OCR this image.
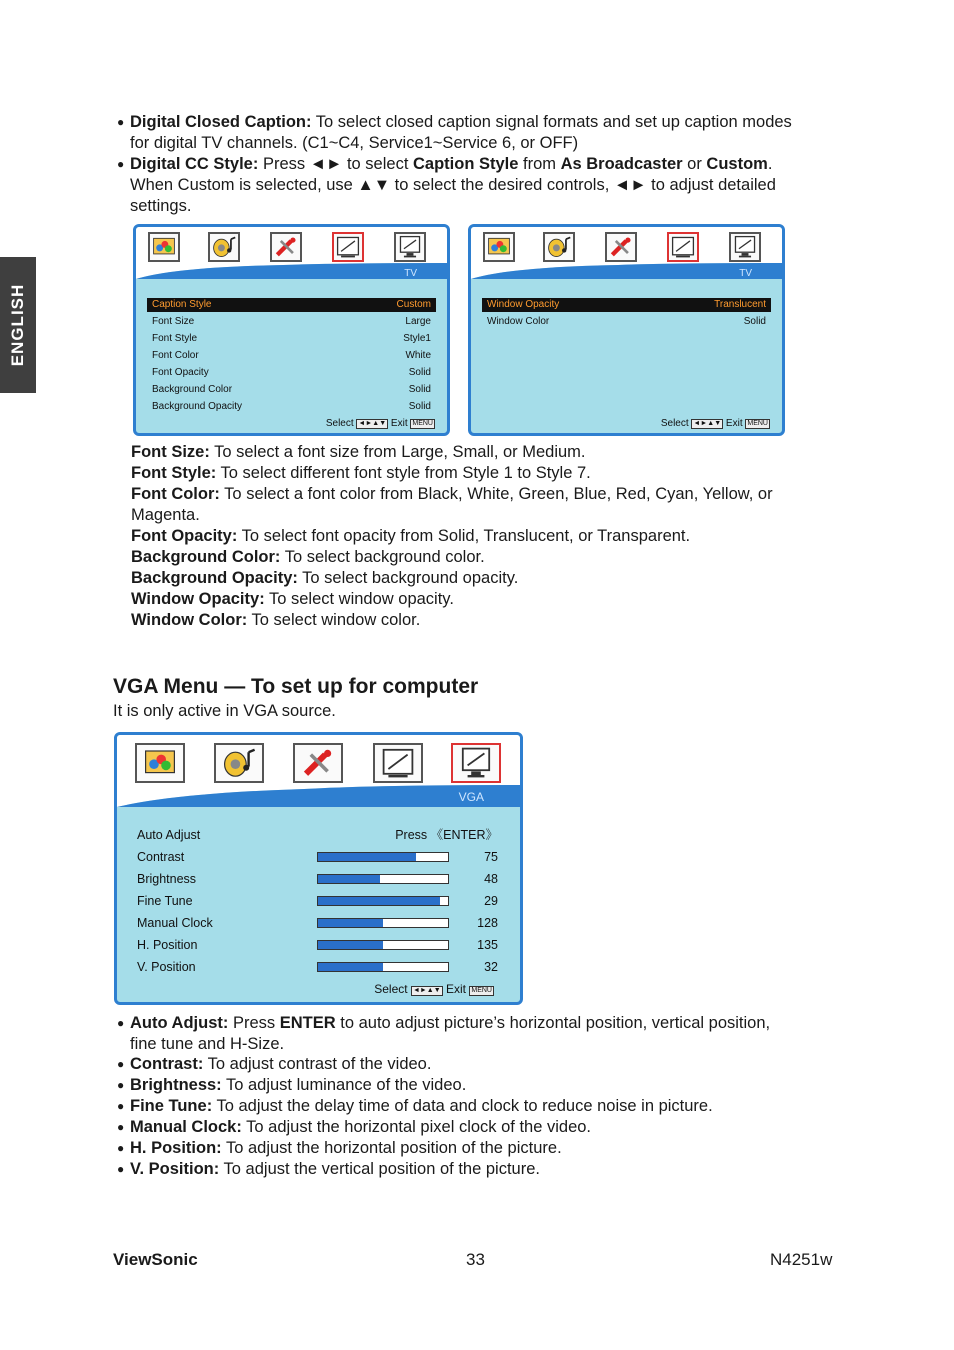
ENGLISH
● Digital Closed Caption: To select closed caption signal formats and set up caption modes
for digital TV channels. (C1~C4, Service1~Service 6, or OFF)
● Digital CC Style: Press ◄► to select Caption Style from As Broadcaster or Custom.
When Custom is selected, use ▲▼ to select the desired controls, ◄► to adjust detailed
settings.
TV
Caption Style	Custom
Font Size	Large
Font Style	Style1
Font Color	White
Font Opacity	Solid
Background Color	Solid
Background Opacity	Solid
Select ◄►▲▼ Exit MENU
TV
Window Opacity	Translucent
Window Color	Solid
Select ◄►▲▼ Exit MENU
Font Size: To select a font size from Large, Small, or Medium.
Font Style: To select different font style from Style 1 to Style 7.
Font Color: To select a font color from Black, White, Green, Blue, Red, Cyan, Yellow, or
Magenta.
Font Opacity: To select font opacity from Solid, Translucent, or Transparent.
Background Color: To select background color.
Background Opacity: To select background opacity.
Window Opacity: To select window opacity.
Window Color: To select window color.
VGA Menu — To set up for computer
It is only active in VGA source.
VGA
Auto Adjust	Press 《ENTER》
Contrast	75
Brightness	48
Fine Tune	29
Manual Clock	128
H. Position	135
V. Position	32
Select ◄►▲▼ Exit MENU
● Auto Adjust: Press ENTER to auto adjust picture’s horizontal position, vertical position,
fine tune and H-Size.
● Contrast: To adjust contrast of the video.
● Brightness: To adjust luminance of the video.
● Fine Tune: To adjust the delay time of data and clock to reduce noise in picture.
● Manual Clock: To adjust the horizontal pixel clock of the video.
● H. Position: To adjust the horizontal position of the picture.
● V. Position: To adjust the vertical position of the picture.
ViewSonic	33	N4251w
